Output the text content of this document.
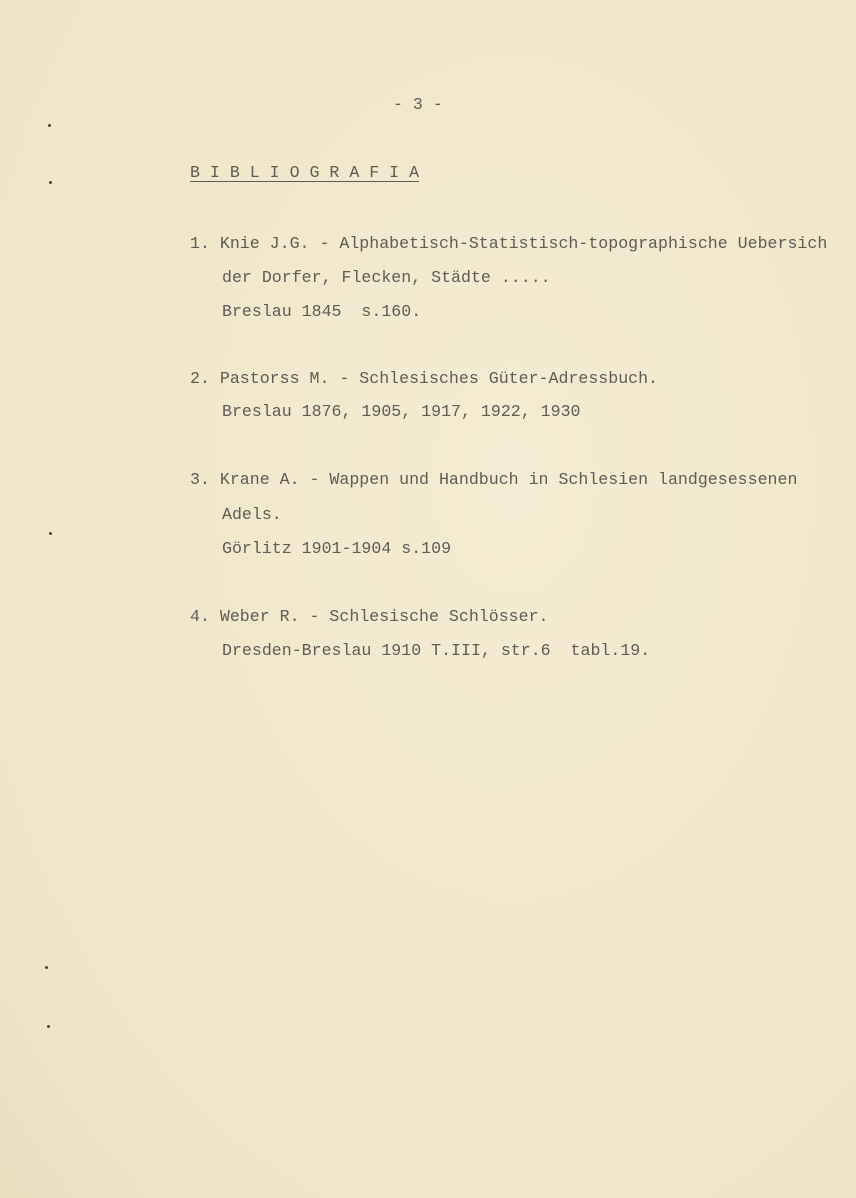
- 3 -
B I B L I O G R A F I A
1. Knie J.G. - Alphabetisch-Statistisch-topographische Uebersich
der Dorfer, Flecken, Städte .....
Breslau 1845  s.160.
2. Pastorss M. - Schlesisches Güter-Adressbuch.
Breslau 1876, 1905, 1917, 1922, 1930
3. Krane A. - Wappen und Handbuch in Schlesien landgesessenen
Adels.
Görlitz 1901-1904 s.109
4. Weber R. - Schlesische Schlösser.
Dresden-Breslau 1910 T.III, str.6  tabl.19.
